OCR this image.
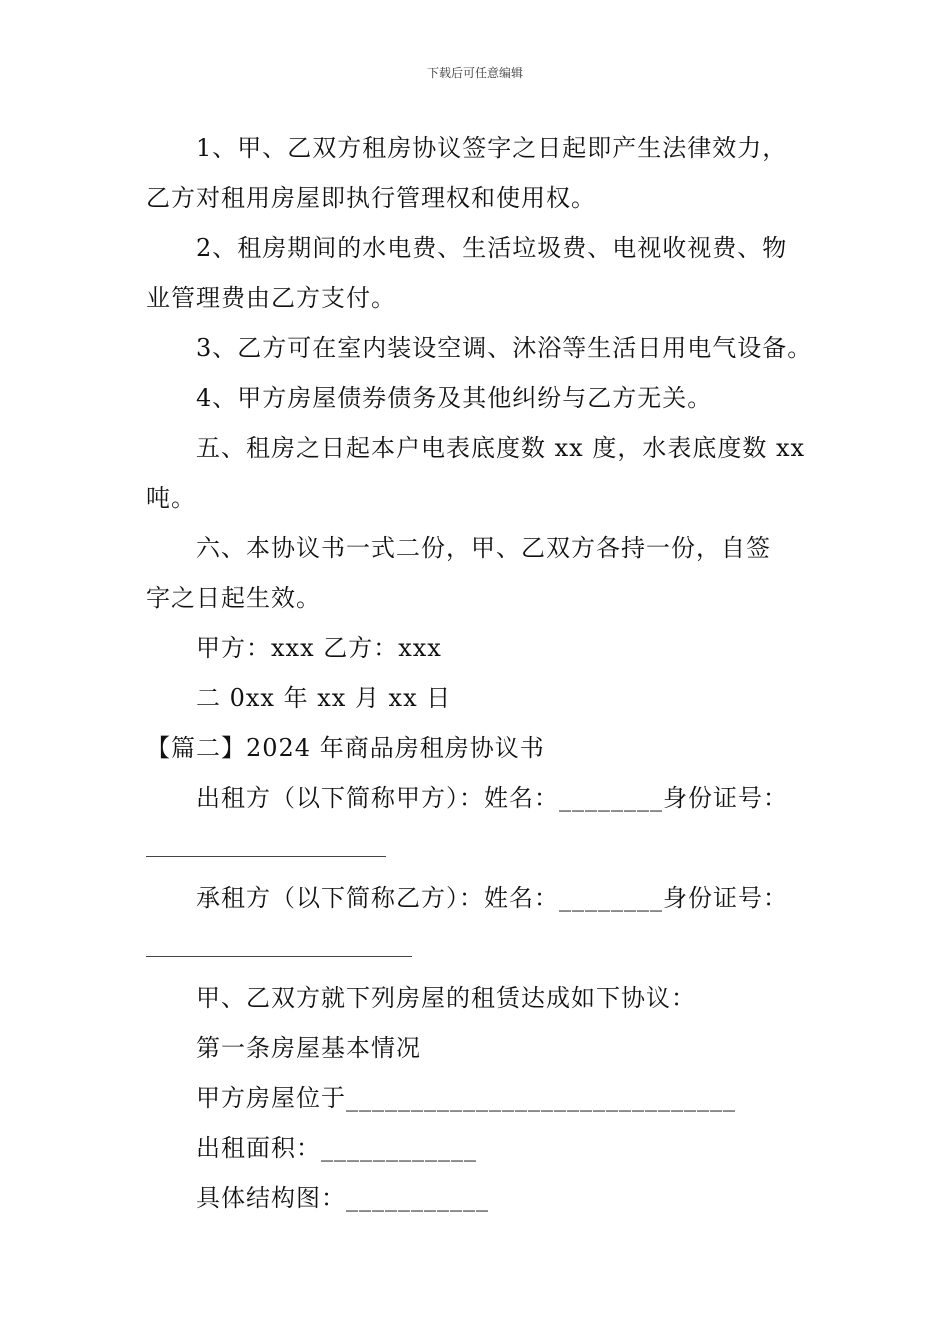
下载后可任意编辑
1、甲、乙双方租房协议签字之日起即产生法律效力，
乙方对租用房屋即执行管理权和使用权。
2、租房期间的水电费、生活垃圾费、电视收视费、物
业管理费由乙方支付。
3、乙方可在室内装设空调、沐浴等生活日用电气设备。
4、甲方房屋债券债务及其他纠纷与乙方无关。
五、租房之日起本户电表底度数 xx 度，水表底度数 xx
吨。
六、本协议书一式二份，甲、乙双方各持一份，自签
字之日起生效。
甲方：xxx 乙方：xxx
二 0xx 年 xx 月 xx 日
【篇二】2024 年商品房租房协议书
出租方（以下简称甲方）：姓名：________身份证号：
承租方（以下简称乙方）：姓名：________身份证号：
甲、乙双方就下列房屋的租赁达成如下协议：
第一条房屋基本情况
甲方房屋位于______________________________
出租面积：____________
具体结构图：___________
